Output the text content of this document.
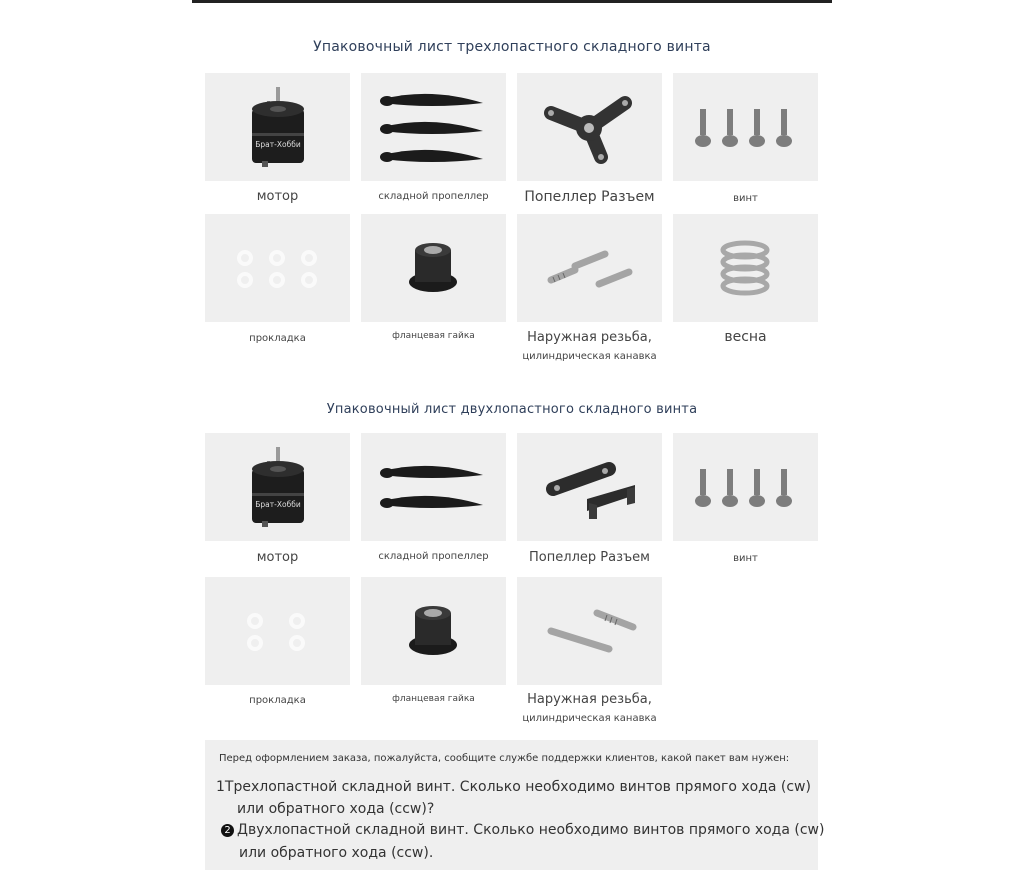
Упаковочный лист трехлопастного складного винта
Брат-Хобби
мотор	складной пропеллер	Попеллер Разъем	винт
прокладка	фланцевая гайка	Наружная резьба,
цилиндрическая канавка
весна
Упаковочный лист двухлопастного складного винта
Брат-Хобби
мотор	складной пропеллер	Попеллер Разъем	винт
прокладка	фланцевая гайка	Наружная резьба,
цилиндрическая канавка
Перед оформлением заказа, пожалуйста, сообщите службе поддержки клиентов, какой пакет вам нужен:
1Трехлопастной складной винт. Сколько необходимо винтов прямого хода (cw)
или обратного хода (ccw)?
2 Двухлопастной складной винт. Сколько необходимо винтов прямого хода (cw)
или обратного хода (ccw).
